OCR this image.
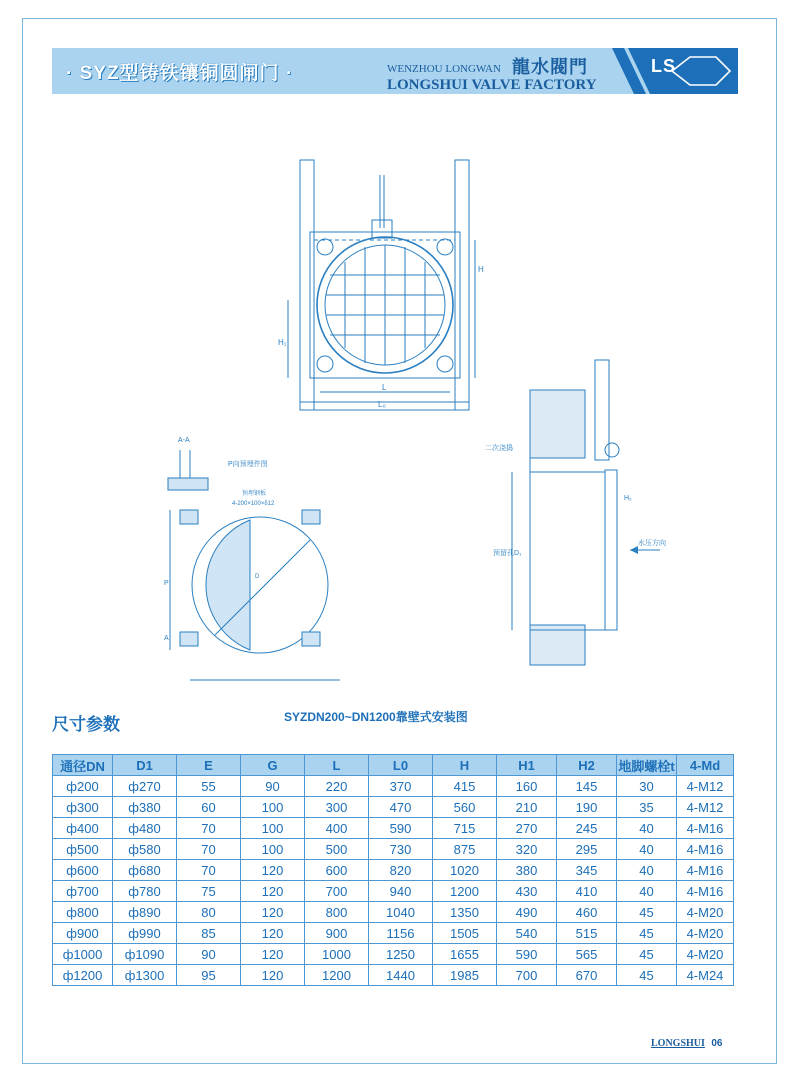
· SYZ型铸铁镶铜圆闸门 ·	WENZHOU LONGWAN 龍水閥門
LONGSHUI VALVE FACTORY
LS
H
H₁
L
L₀
A-A
P向预埋件图
预埋钢板
4-200×100×δ12
P
A
D
二次浇捣
水压方向
预留孔D₁
H₂
尺寸参数	SYZDN200~DN1200靠壁式安装图
通径DN	D1	E	G	L	L0	H	H1	H2	地脚螺栓t	4-Md
ф200	ф270	55	90	220	370	415	160	145	30	4-M12
ф300	ф380	60	100	300	470	560	210	190	35	4-M12
ф400	ф480	70	100	400	590	715	270	245	40	4-M16
ф500	ф580	70	100	500	730	875	320	295	40	4-M16
ф600	ф680	70	120	600	820	1020	380	345	40	4-M16
ф700	ф780	75	120	700	940	1200	430	410	40	4-M16
ф800	ф890	80	120	800	1040	1350	490	460	45	4-M20
ф900	ф990	85	120	900	1156	1505	540	515	45	4-M20
ф1000	ф1090	90	120	1000	1250	1655	590	565	45	4-M20
ф1200	ф1300	95	120	1200	1440	1985	700	670	45	4-M24
LONGSHUI 06
